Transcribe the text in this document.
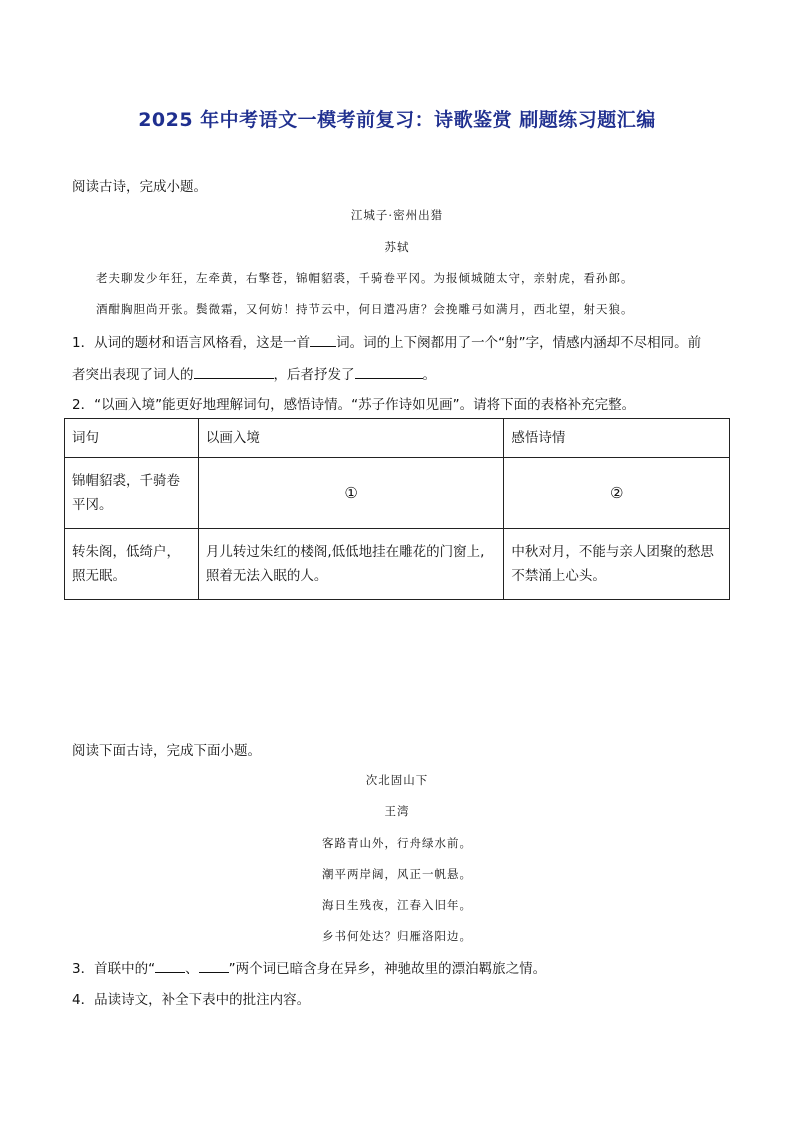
2025 年中考语文一模考前复习：诗歌鉴赏 刷题练习题汇编
阅读古诗，完成小题。
江城子·密州出猎
苏轼
老夫聊发少年狂，左牵黄，右擎苍，锦帽貂裘，千骑卷平冈。为报倾城随太守，亲射虎，看孙郎。
酒酣胸胆尚开张。鬓微霜，又何妨！持节云中，何日遣冯唐？会挽雕弓如满月，西北望，射天狼。
1．从词的题材和语言风格看，这是一首 词。词的上下阕都用了一个“射”字，情感内涵却不尽相同。前
者突出表现了词人的	，后者抒发了	。
2．“以画入境”能更好地理解词句，感悟诗情。“苏子作诗如见画”。请将下面的表格补充完整。
词句	以画入境	感悟诗情
锦帽貂裘，千骑卷平冈。	①	②
转朱阁，低绮户，照无眠。	月儿转过朱红的楼阁,低低地挂在雕花的门窗上,照着无法入眠的人。	中秋对月，不能与亲人团聚的愁思不禁涌上心头。
阅读下面古诗，完成下面小题。
次北固山下
王湾
客路青山外，行舟绿水前。
潮平两岸阔，风正一帆悬。
海日生残夜，江春入旧年。
乡书何处达？归雁洛阳边。
3．首联中的“ 、 ”两个词已暗含身在异乡，神驰故里的漂泊羁旅之情。
4．品读诗文，补全下表中的批注内容。
